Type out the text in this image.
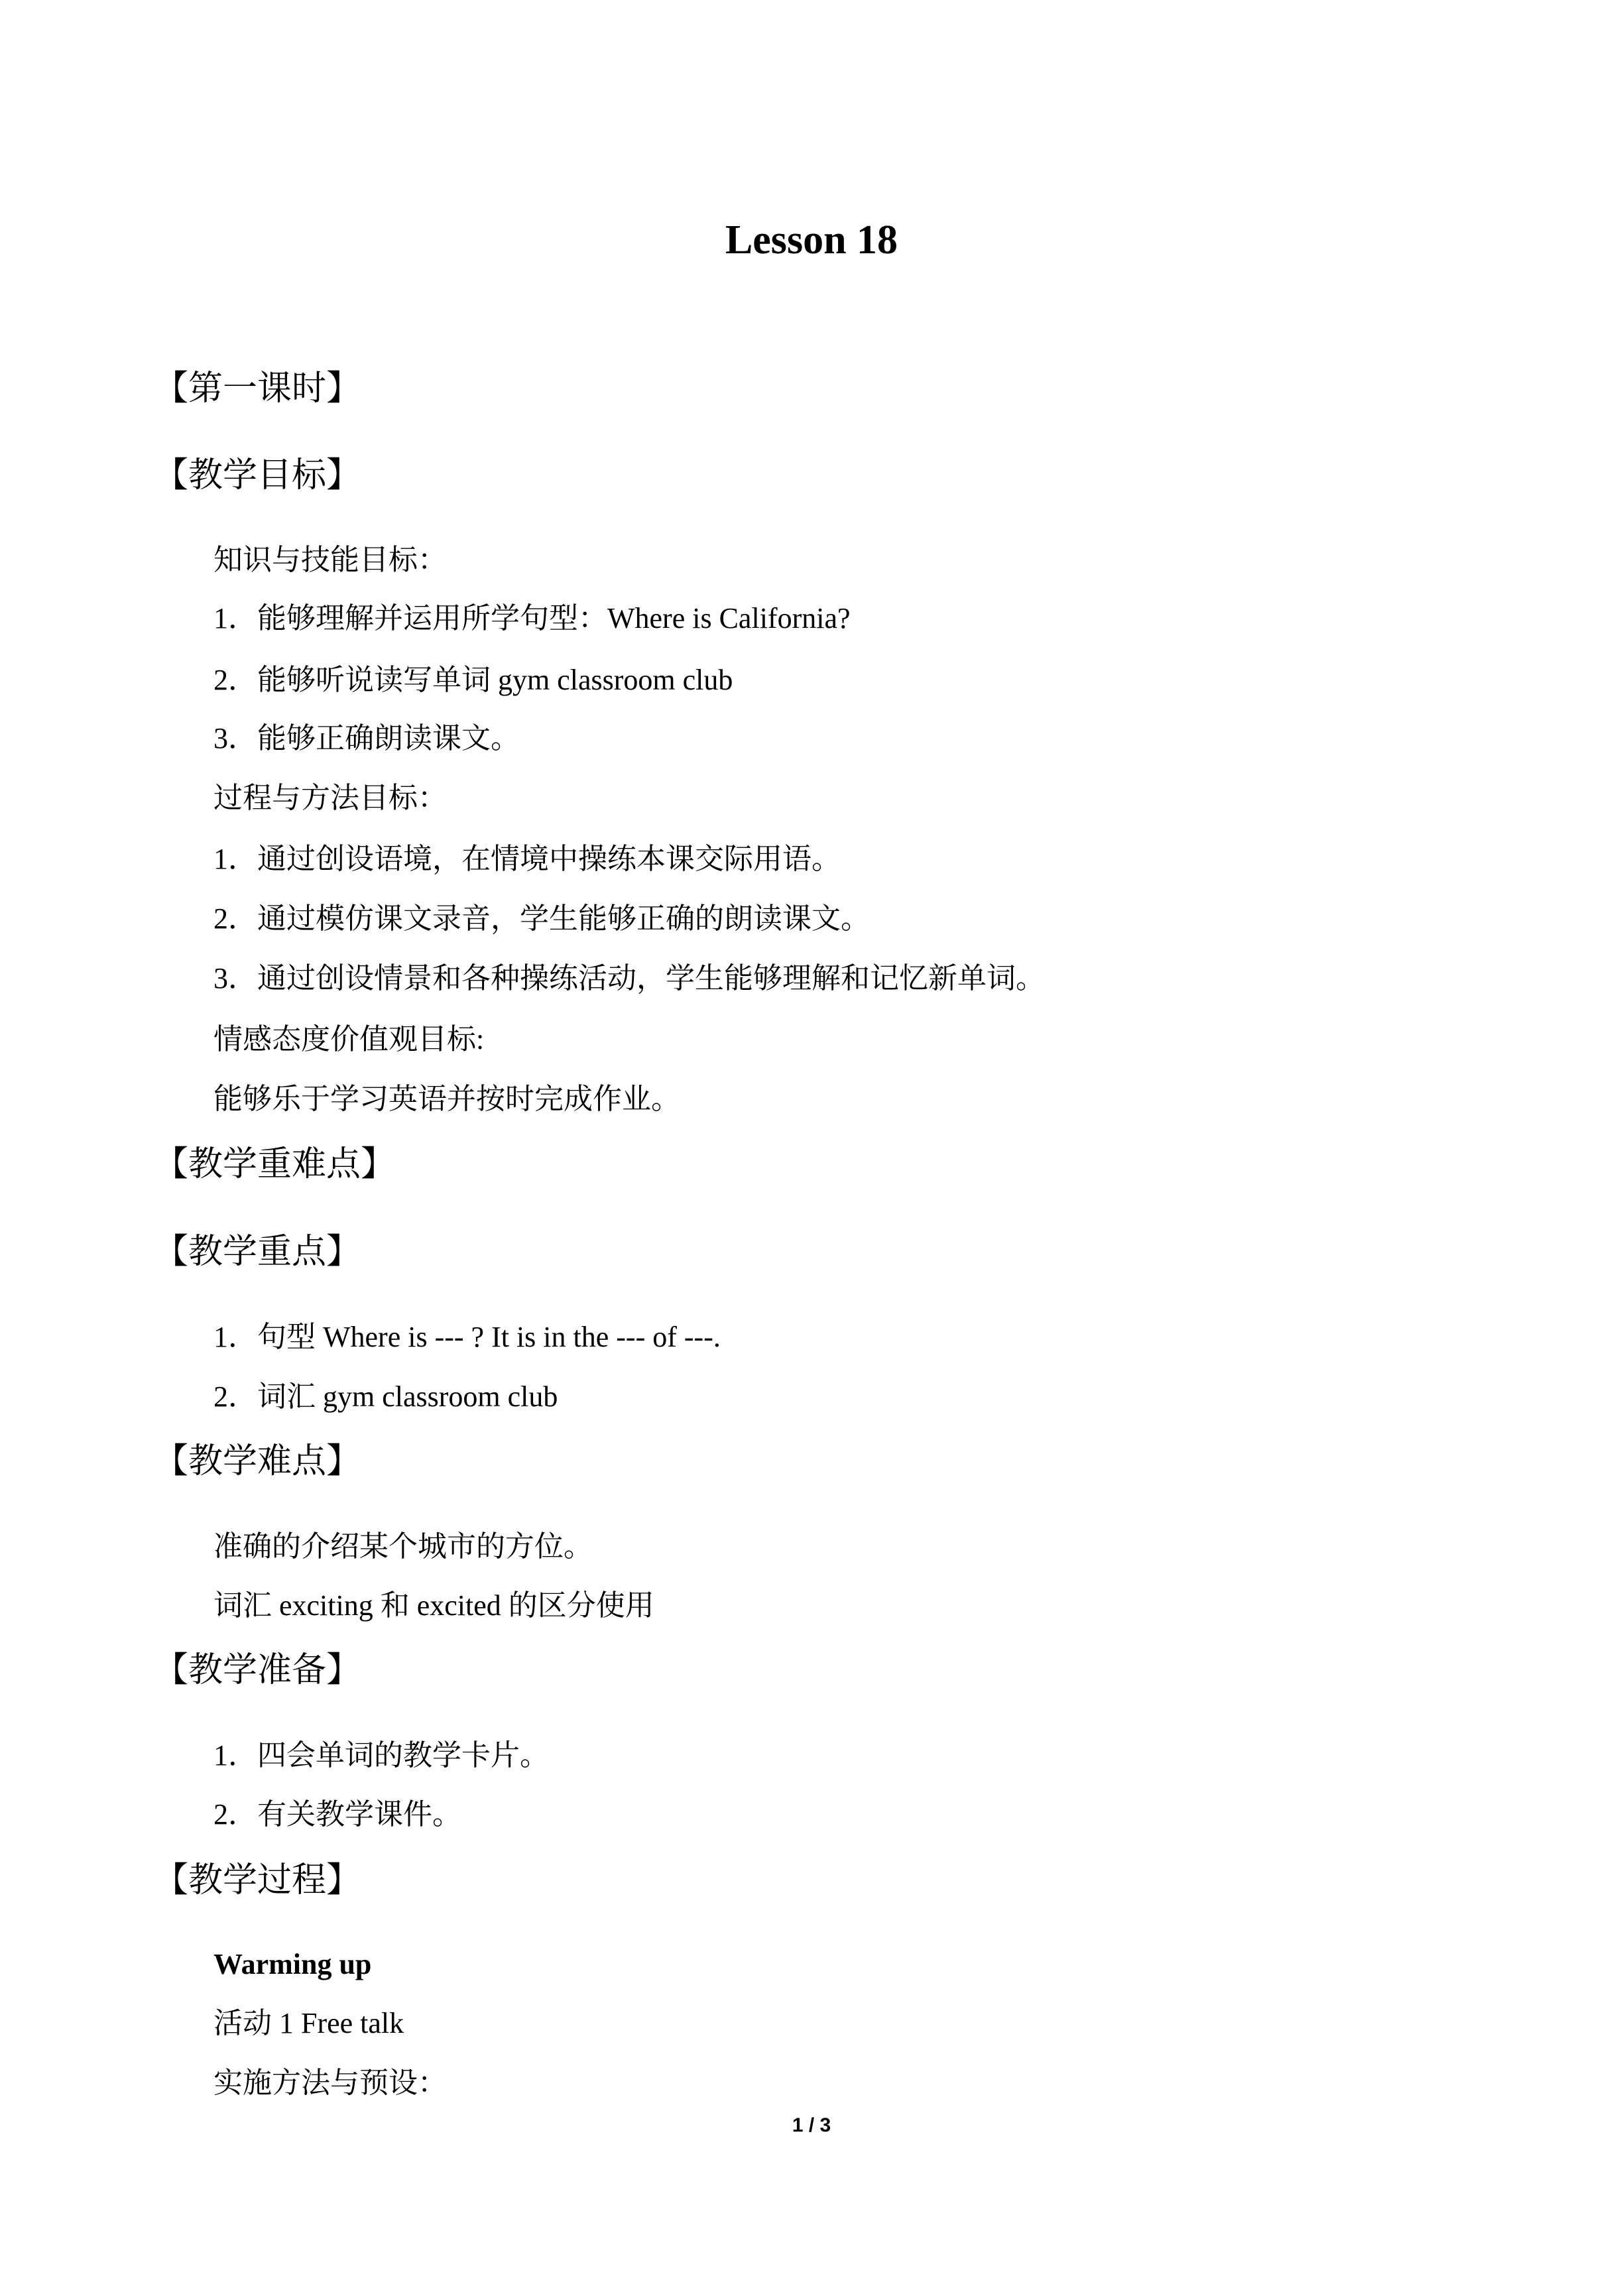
Lesson 18
【第一课时】
【教学目标】
知识与技能目标：
1．能够理解并运用所学句型：Where is California?
2．能够听说读写单词 gym classroom club
3．能够正确朗读课文。
过程与方法目标：
1．通过创设语境，在情境中操练本课交际用语。
2．通过模仿课文录音，学生能够正确的朗读课文。
3．通过创设情景和各种操练活动，学生能够理解和记忆新单词。
情感态度价值观目标:
能够乐于学习英语并按时完成作业。
【教学重难点】
【教学重点】
1．句型 Where is --- ? It is in the --- of ---.
2．词汇 gym classroom club
【教学难点】
准确的介绍某个城市的方位。
词汇 exciting 和 excited 的区分使用
【教学准备】
1．四会单词的教学卡片。
2．有关教学课件。
【教学过程】
Warming up
活动 1 Free talk
实施方法与预设：
1 / 3
